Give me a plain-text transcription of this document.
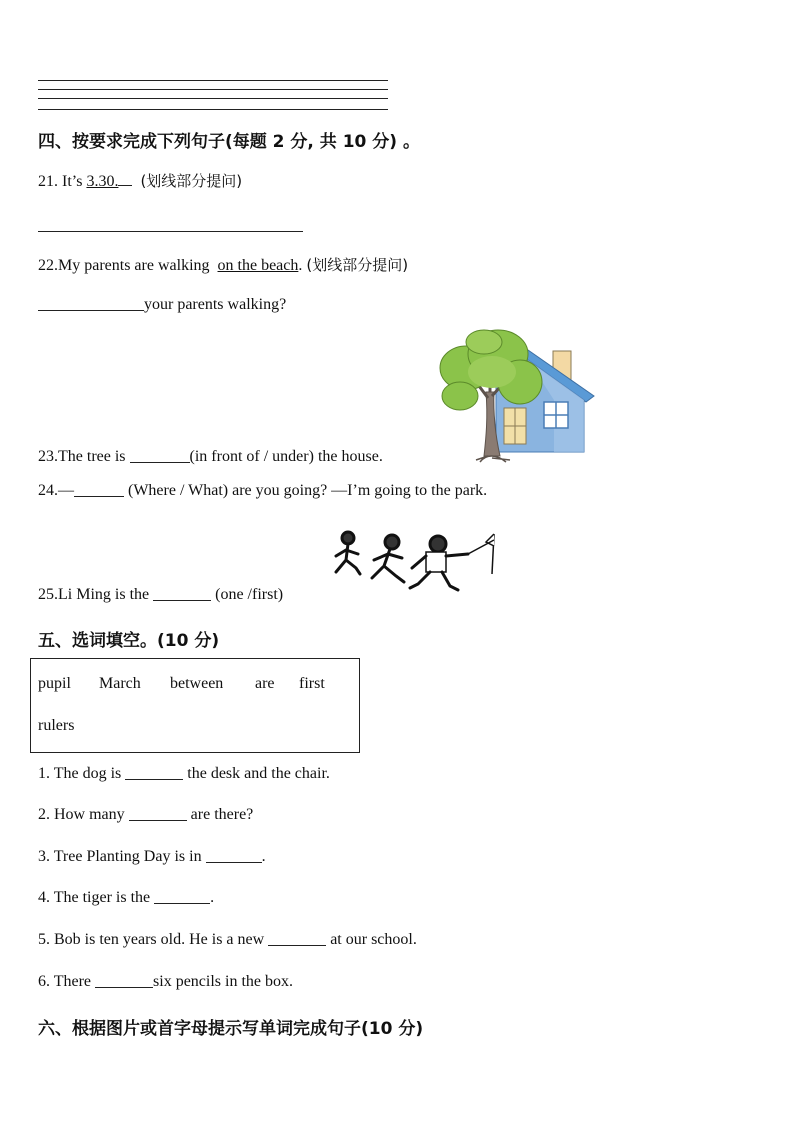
四、按要求完成下列句子(每题 2 分, 共 10 分) 。
21. It’s 3.30. (划线部分提问)
22.My parents are walking  on the beach. (划线部分提问)
your parents walking?
23.The tree is	(in front of / under) the house.
24.—	(Where / What) are you going? —I’m going to the park.
25.Li Ming is the	(one /first)
五、选词填空。(10 分)
pupil March between are first
rulers
1. The dog is	the desk and the chair.
2. How many	are there?
3. Tree Planting Day is in	.
4. The tiger is the	.
5. Bob is ten years old. He is a new	at our school.
6. There	six pencils in the box.
六、根据图片或首字母提示写单词完成句子(10 分)
